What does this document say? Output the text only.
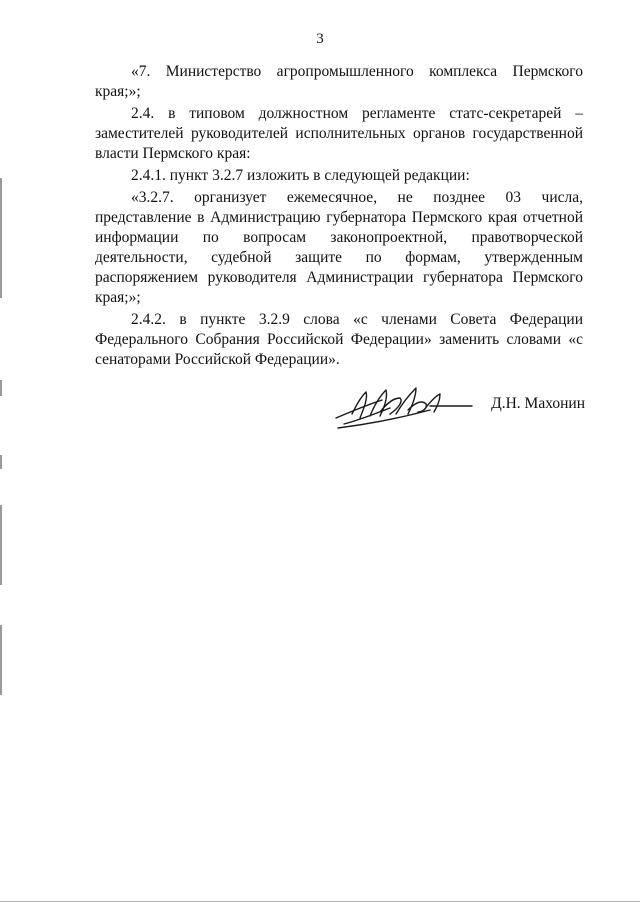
3

«7. Министерство агропромышленного комплекса Пермского края;»;

2.4. в типовом должностном регламенте статс-секретарей – заместителей руководителей исполнительных органов государственной власти Пермского края:

2.4.1. пункт 3.2.7 изложить в следующей редакции:

«3.2.7. организует ежемесячное, не позднее 03 числа, представление в Администрацию губернатора Пермского края отчетной информации по вопросам законопроектной, правотворческой деятельности, судебной защите по формам, утвержденным распоряжением руководителя Администрации губернатора Пермского края;»;

2.4.2. в пункте 3.2.9 слова «с членами Совета Федерации Федерального Собрания Российской Федерации» заменить словами «с сенаторами Российской Федерации».

Д.Н. Махонин
